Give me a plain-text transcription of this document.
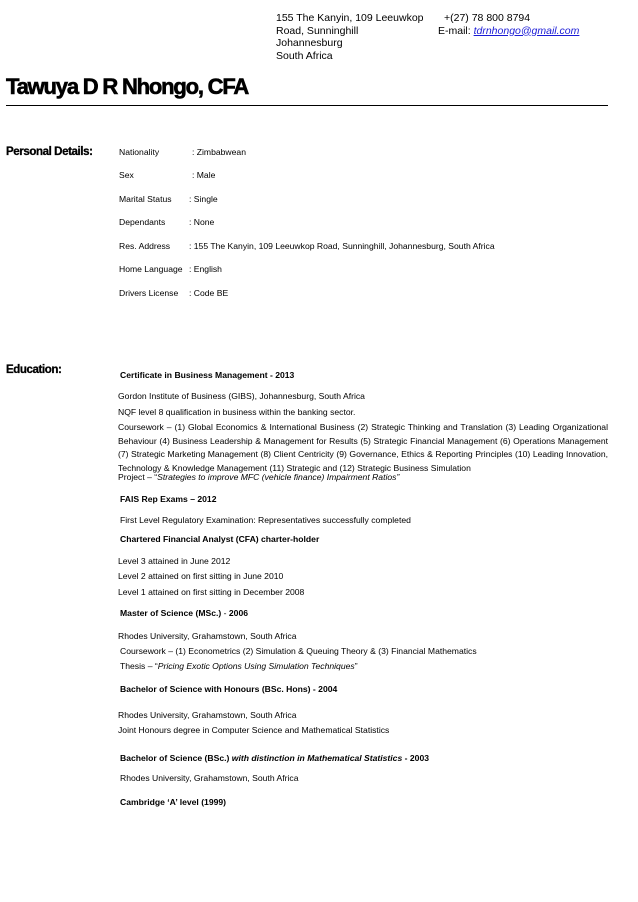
155 The Kanyin, 109 Leeuwkop	+(27) 78 800 8794
Road, Sunninghill	E-mail: tdrnhongo@gmail.com
Johannesburg
South Africa
Tawuya D R Nhongo, CFA
Personal Details:	Nationality	: Zimbabwean
Sex	: Male
Marital Status	: Single
Dependants	: None
Res. Address	: 155 The Kanyin, 109 Leeuwkop Road, Sunninghill, Johannesburg, South Africa
Home Language : English
Drivers License	: Code BE
Education:	Certificate in Business Management - 2013
Gordon Institute of Business (GIBS), Johannesburg, South Africa
NQF level 8 qualification in business within the banking sector.
Coursework – (1) Global Economics & International Business (2) Strategic Thinking and Translation (3) Leading Organizational Behaviour (4) Business Leadership & Management for Results (5) Strategic Financial Management (6) Operations Management (7) Strategic Marketing Management (8) Client Centricity (9) Governance, Ethics & Reporting Principles (10) Leading Innovation, Technology & Knowledge Management (11) Strategic and (12) Strategic Business Simulation
Project – “Strategies to improve MFC (vehicle finance) Impairment Ratios”
FAIS Rep Exams – 2012
First Level Regulatory Examination: Representatives successfully completed
Chartered Financial Analyst (CFA) charter-holder
Level 3 attained in June 2012
Level 2 attained on first sitting in June 2010
Level 1 attained on first sitting in December 2008
Master of Science (MSc.) - 2006
Rhodes University, Grahamstown, South Africa
Coursework – (1) Econometrics (2) Simulation & Queuing Theory & (3) Financial Mathematics
Thesis – “Pricing Exotic Options Using Simulation Techniques”
Bachelor of Science with Honours (BSc. Hons) - 2004
Rhodes University, Grahamstown, South Africa
Joint Honours degree in Computer Science and Mathematical Statistics
Bachelor of Science (BSc.) with distinction in Mathematical Statistics - 2003
Rhodes University, Grahamstown, South Africa
Cambridge ‘A’ level (1999)
